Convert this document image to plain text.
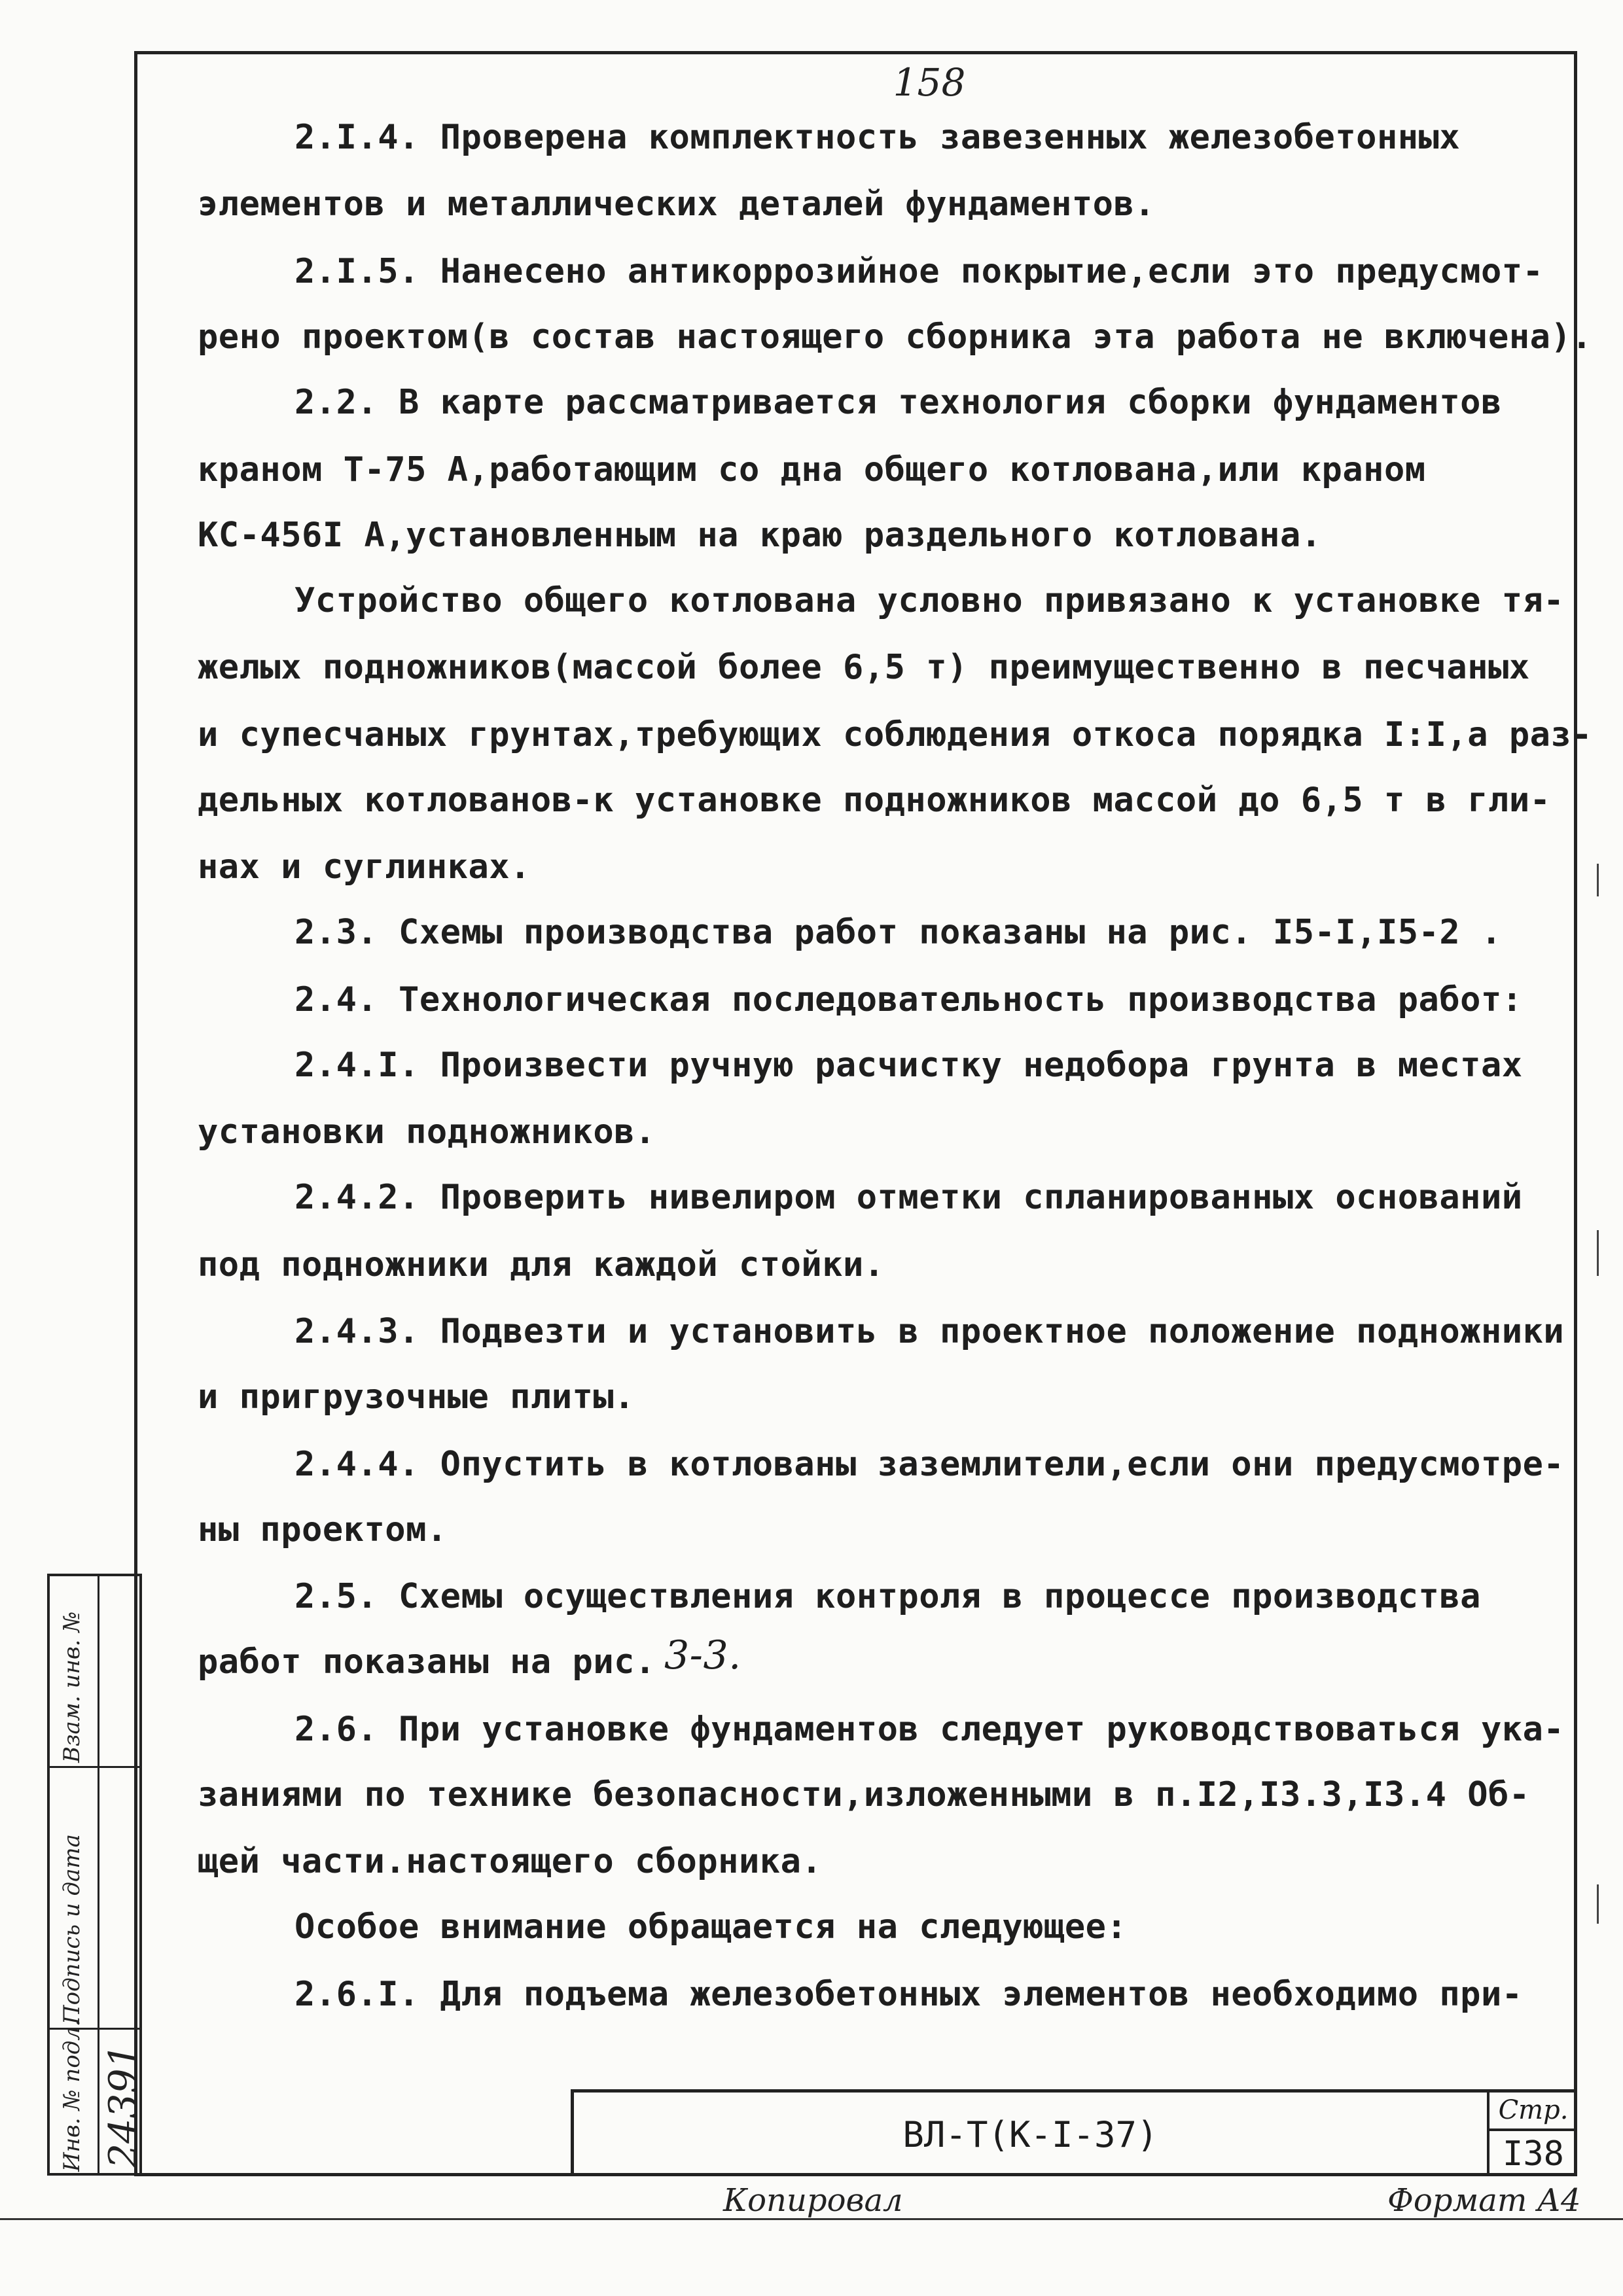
158
2.I.4. Проверена комплектность завезенных железобетонных
элементов и металлических деталей фундаментов.
2.I.5. Нанесено антикоррозийное покрытие,если это предусмот-
рено проектом(в состав настоящего сборника эта работа не включена).
2.2. В карте рассматривается технология сборки фундаментов
краном Т-75 А,работающим со дна общего котлована,или краном
КС-456I А,установленным на краю раздельного котлована.
Устройство общего котлована условно привязано к установке тя-
желых подножников(массой более 6,5 т) преимущественно в песчаных
и супесчаных грунтах,требующих соблюдения откоса порядка I:I,а раз-
дельных котлованов-к установке подножников массой до 6,5 т в гли-
нах и суглинках.
2.3. Схемы производства работ показаны на рис. I5-I,I5-2 .
2.4. Технологическая последовательность производства работ:
2.4.I. Произвести ручную расчистку недобора грунта в местах
установки подножников.
2.4.2. Проверить нивелиром отметки спланированных оснований
под подножники для каждой стойки.
2.4.3. Подвезти и установить в проектное положение подножники
и пригрузочные плиты.
2.4.4. Опустить в котлованы заземлители,если они предусмотре-
ны проектом.
2.5. Схемы осуществления контроля в процессе производства
работ показаны на рис. 3-3.
2.6. При установке фундаментов следует руководствоваться ука-
заниями по технике безопасности,изложенными в п.I2,I3.3,I3.4 Об-
щей части.настоящего сборника.
Особое внимание обращается на следующее:
2.6.I. Для подъема железобетонных элементов необходимо при-
Взам. инв. №
Подпись и дата
Инв. № подл. 24391	ВЛ-Т(К-I-37)
Стр.
I38
Копировал	Формат А4
